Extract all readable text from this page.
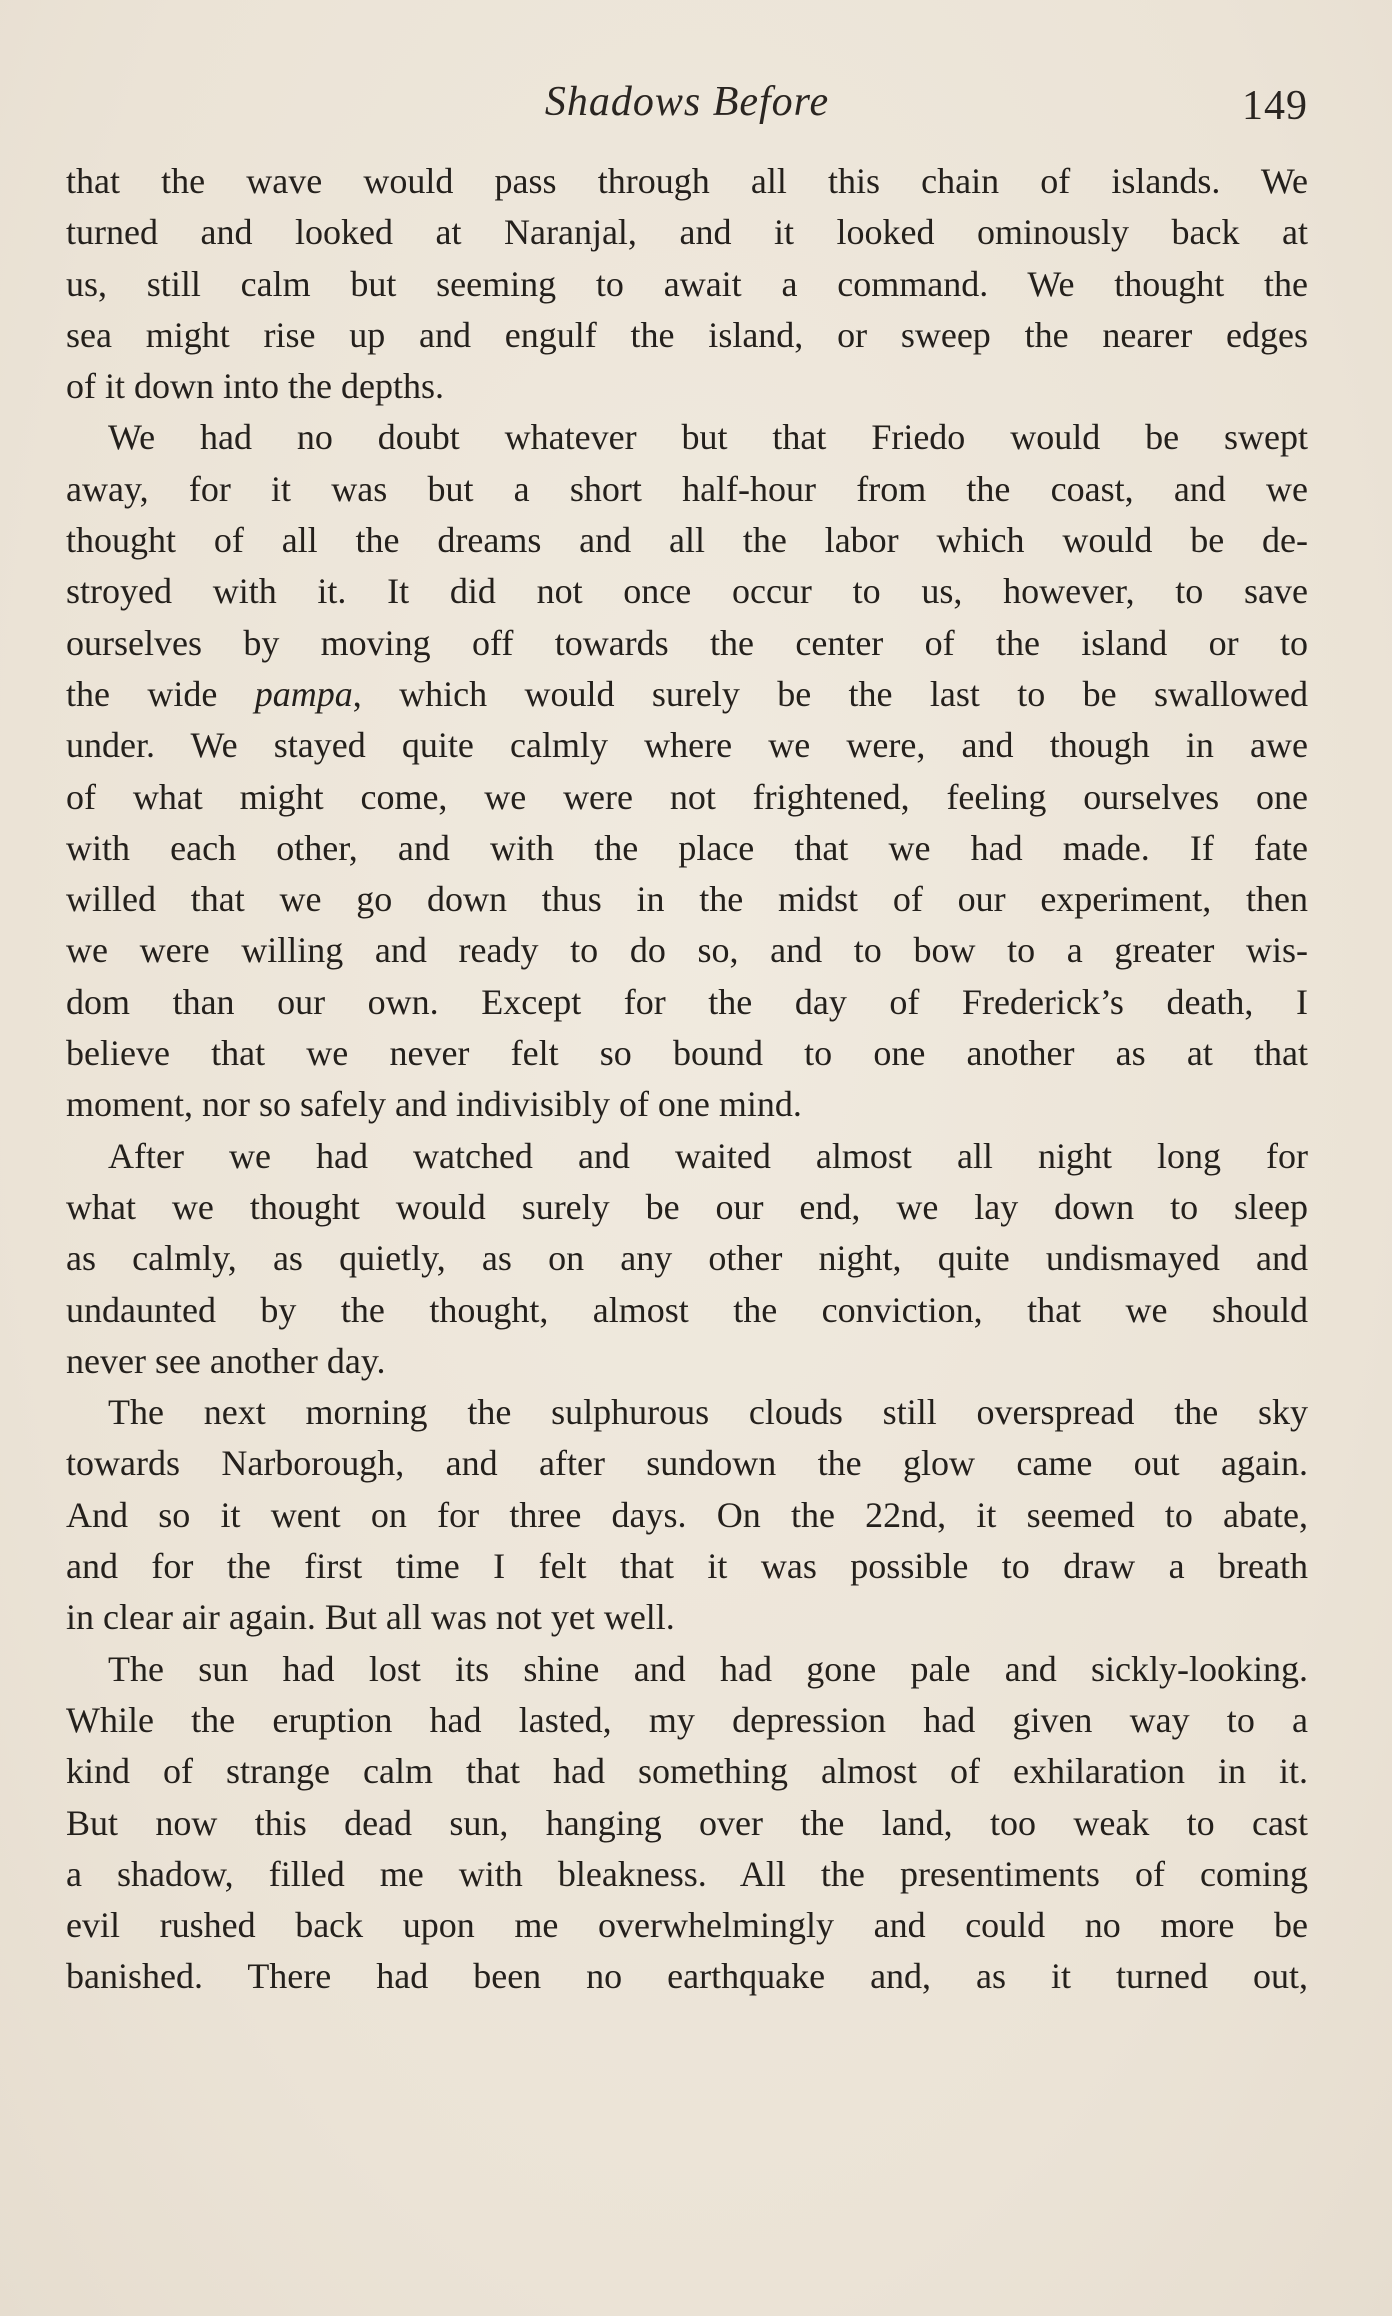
Shadows Before	149
that the wave would pass through all this chain of islands. We
turned and looked at Naranjal, and it looked ominously back at
us, still calm but seeming to await a command. We thought the
sea might rise up and engulf the island, or sweep the nearer edges
of it down into the depths.
We had no doubt whatever but that Friedo would be swept
away, for it was but a short half-hour from the coast, and we
thought of all the dreams and all the labor which would be de-
stroyed with it. It did not once occur to us, however, to save
ourselves by moving off towards the center of the island or to
the wide pampa, which would surely be the last to be swallowed
under. We stayed quite calmly where we were, and though in awe
of what might come, we were not frightened, feeling ourselves one
with each other, and with the place that we had made. If fate
willed that we go down thus in the midst of our experiment, then
we were willing and ready to do so, and to bow to a greater wis-
dom than our own. Except for the day of Frederick’s death, I
believe that we never felt so bound to one another as at that
moment, nor so safely and indivisibly of one mind.
After we had watched and waited almost all night long for
what we thought would surely be our end, we lay down to sleep
as calmly, as quietly, as on any other night, quite undismayed and
undaunted by the thought, almost the conviction, that we should
never see another day.
The next morning the sulphurous clouds still overspread the sky
towards Narborough, and after sundown the glow came out again.
And so it went on for three days. On the 22nd, it seemed to abate,
and for the first time I felt that it was possible to draw a breath
in clear air again. But all was not yet well.
The sun had lost its shine and had gone pale and sickly-looking.
While the eruption had lasted, my depression had given way to a
kind of strange calm that had something almost of exhilaration in it.
But now this dead sun, hanging over the land, too weak to cast
a shadow, filled me with bleakness. All the presentiments of coming
evil rushed back upon me overwhelmingly and could no more be
banished. There had been no earthquake and, as it turned out,
